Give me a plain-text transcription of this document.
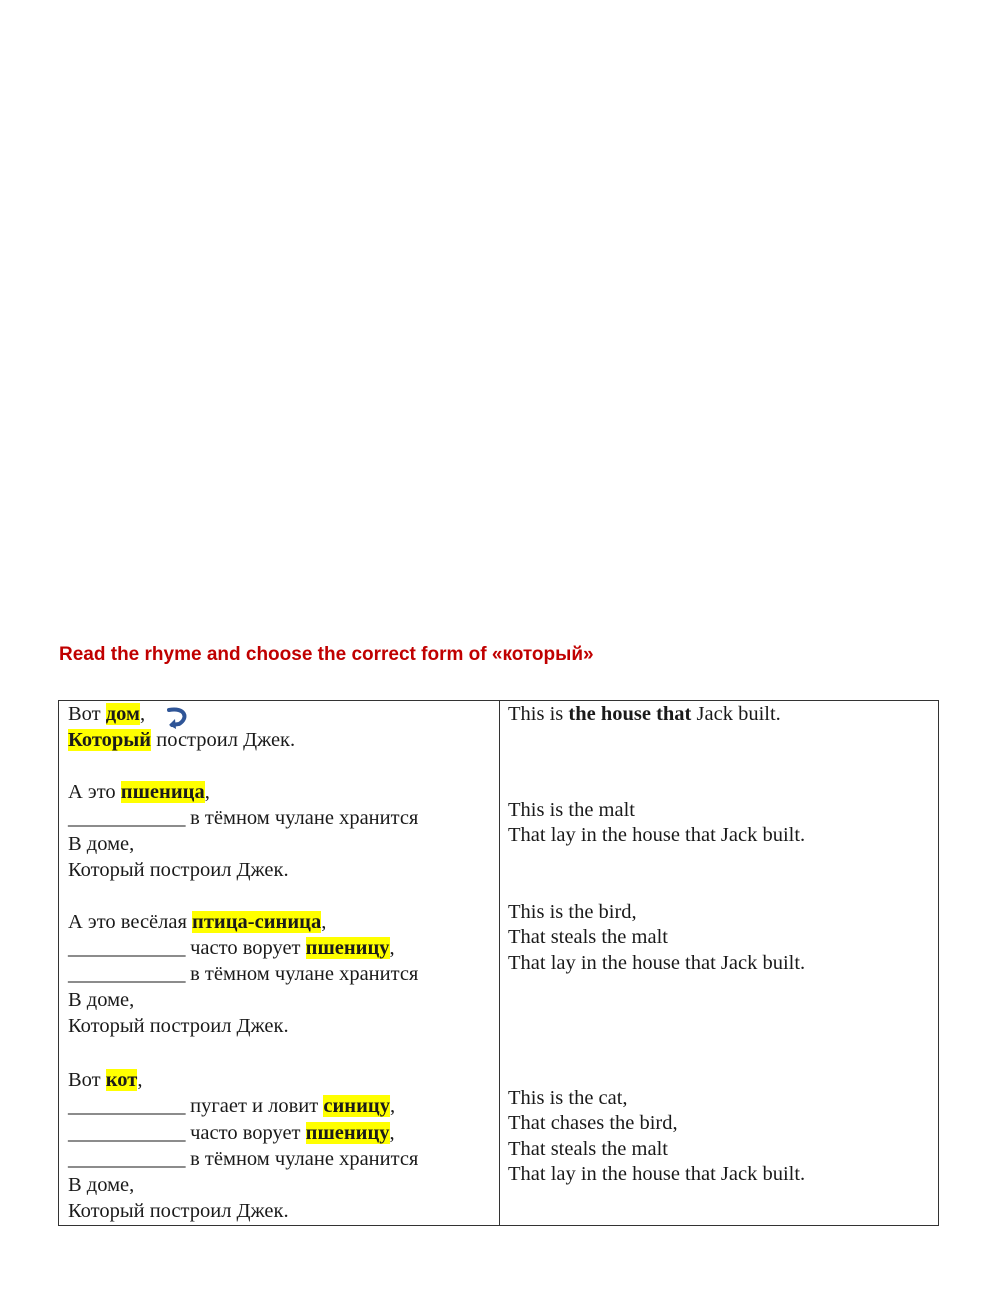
Read the rhyme and choose the correct form of «который»
Вот дом,
Который построил Джек.
А это пшеница,
____________ в тёмном чулане хранится
В доме,
Который построил Джек.
А это весёлая птица-синица,
____________ часто ворует пшеницу,
____________ в тёмном чулане хранится
В доме,
Который построил Джек.
Вот кот,
____________ пугает и ловит синицу,
____________ часто ворует пшеницу,
____________ в тёмном чулане хранится
В доме,
Который построил Джек.
This is the house that Jack built.
This is the malt
That lay in the house that Jack built.
This is the bird,
That steals the malt
That lay in the house that Jack built.
This is the cat,
That chases the bird,
That steals the malt
That lay in the house that Jack built.
